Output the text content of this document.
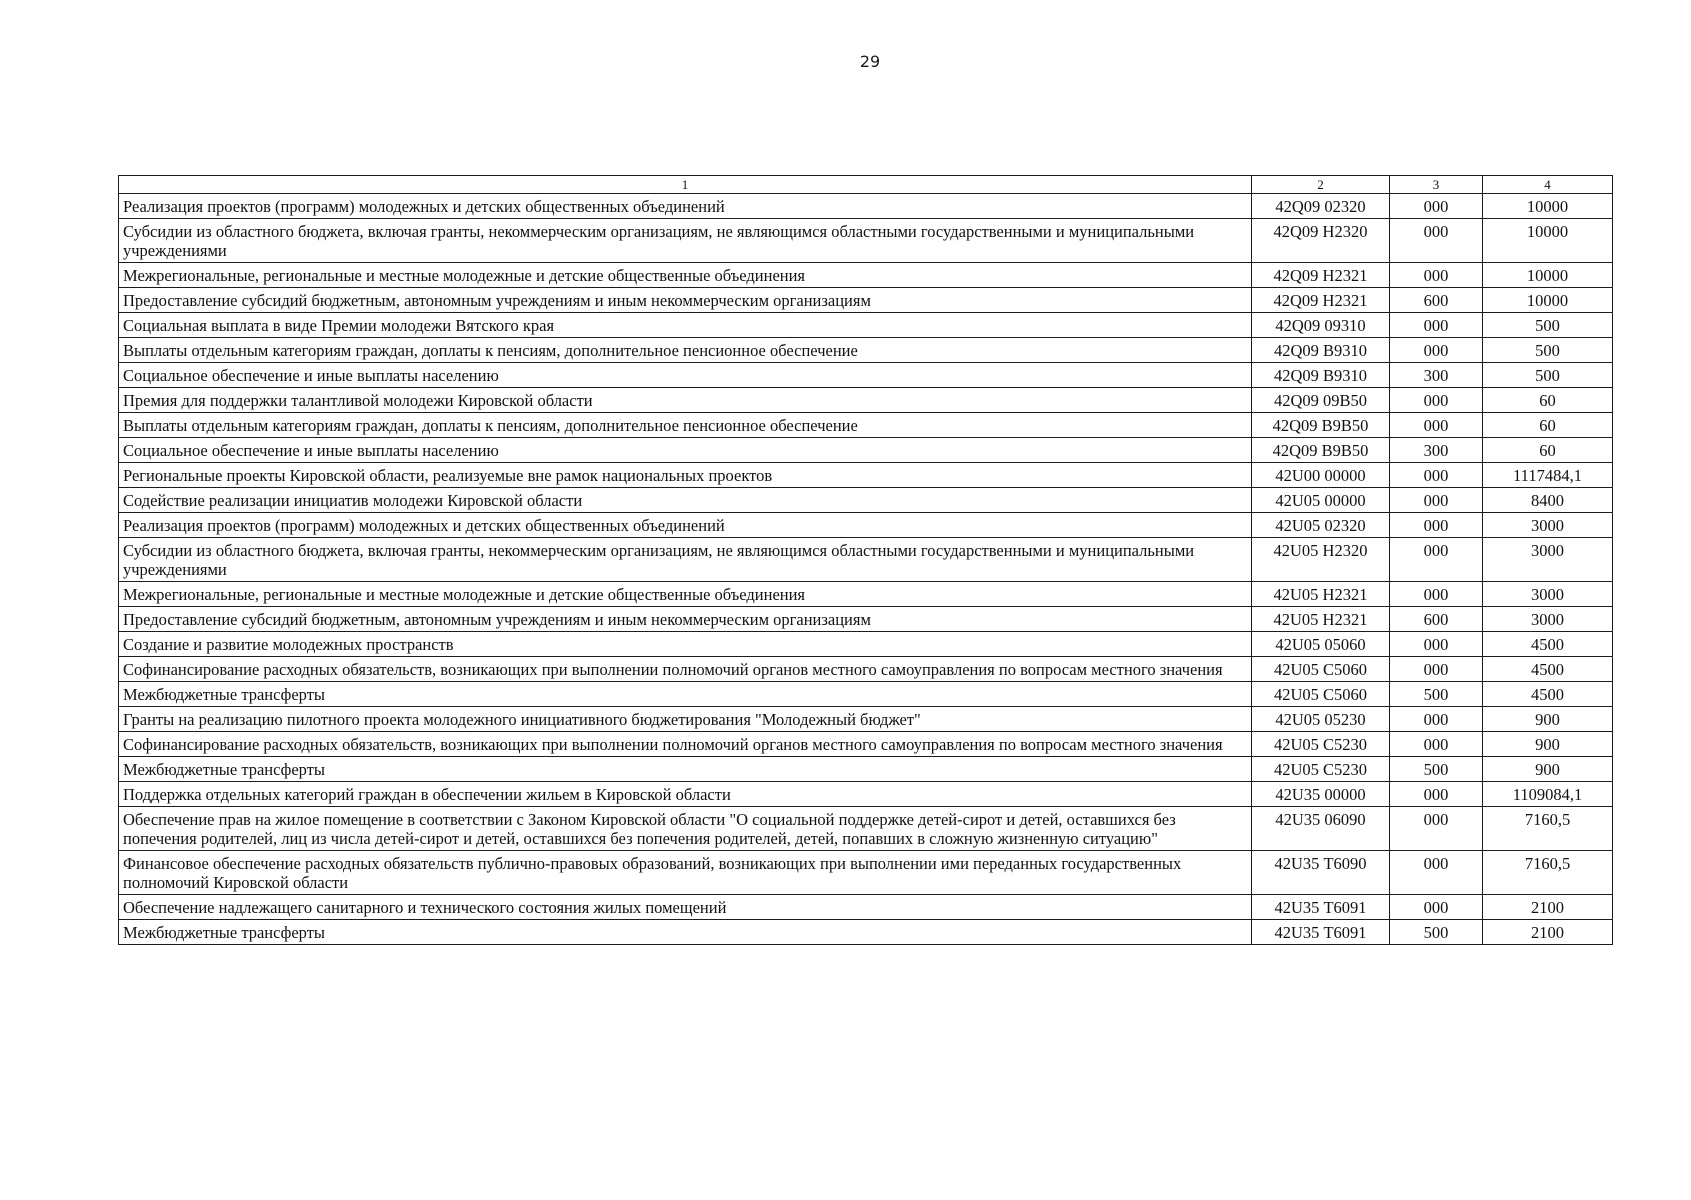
29
1	2	3	4
Реализация проектов (программ) молодежных и детских общественных объединений	42Q09 02320	000	10000
Субсидии из областного бюджета, включая гранты, некоммерческим организациям, не являющимся областными государственными и муниципальными учреждениями	42Q09 Н2320	000	10000
Межрегиональные, региональные и местные молодежные и детские общественные объединения	42Q09 Н2321	000	10000
Предоставление субсидий бюджетным, автономным учреждениям и иным некоммерческим организациям	42Q09 Н2321	600	10000
Социальная выплата в виде Премии молодежи Вятского края	42Q09 09310	000	500
Выплаты отдельным категориям граждан, доплаты к пенсиям, дополнительное пенсионное обеспечение	42Q09 В9310	000	500
Социальное обеспечение и иные выплаты населению	42Q09 В9310	300	500
Премия для поддержки талантливой молодежи Кировской области	42Q09 09В50	000	60
Выплаты отдельным категориям граждан, доплаты к пенсиям, дополнительное пенсионное обеспечение	42Q09 В9В50	000	60
Социальное обеспечение и иные выплаты населению	42Q09 В9В50	300	60
Региональные проекты Кировской области, реализуемые вне рамок национальных проектов	42U00 00000	000	1117484,1
Содействие реализации инициатив молодежи Кировской области	42U05 00000	000	8400
Реализация проектов (программ) молодежных и детских общественных объединений	42U05 02320	000	3000
Субсидии из областного бюджета, включая гранты, некоммерческим организациям, не являющимся областными государственными и муниципальными учреждениями	42U05 Н2320	000	3000
Межрегиональные, региональные и местные молодежные и детские общественные объединения	42U05 Н2321	000	3000
Предоставление субсидий бюджетным, автономным учреждениям и иным некоммерческим организациям	42U05 Н2321	600	3000
Создание и развитие молодежных пространств	42U05 05060	000	4500
Софинансирование расходных обязательств, возникающих при выполнении полномочий органов местного самоуправления по вопросам местного значения	42U05 С5060	000	4500
Межбюджетные трансферты	42U05 С5060	500	4500
Гранты на реализацию пилотного проекта молодежного инициативного бюджетирования "Молодежный бюджет"	42U05 05230	000	900
Софинансирование расходных обязательств, возникающих при выполнении полномочий органов местного самоуправления по вопросам местного значения	42U05 С5230	000	900
Межбюджетные трансферты	42U05 С5230	500	900
Поддержка отдельных категорий граждан в обеспечении жильем в Кировской области	42U35 00000	000	1109084,1
Обеспечение прав на жилое помещение в соответствии с Законом Кировской области "О социальной поддержке детей-сирот и детей, оставшихся без попечения родителей, лиц из числа детей-сирот и детей, оставшихся без попечения родителей, детей, попавших в сложную жизненную ситуацию"	42U35 06090	000	7160,5
Финансовое обеспечение расходных обязательств публично-правовых образований, возникающих при выполнении ими переданных государственных полномочий Кировской области	42U35 Т6090	000	7160,5
Обеспечение надлежащего санитарного и технического состояния жилых помещений	42U35 Т6091	000	2100
Межбюджетные трансферты	42U35 Т6091	500	2100
